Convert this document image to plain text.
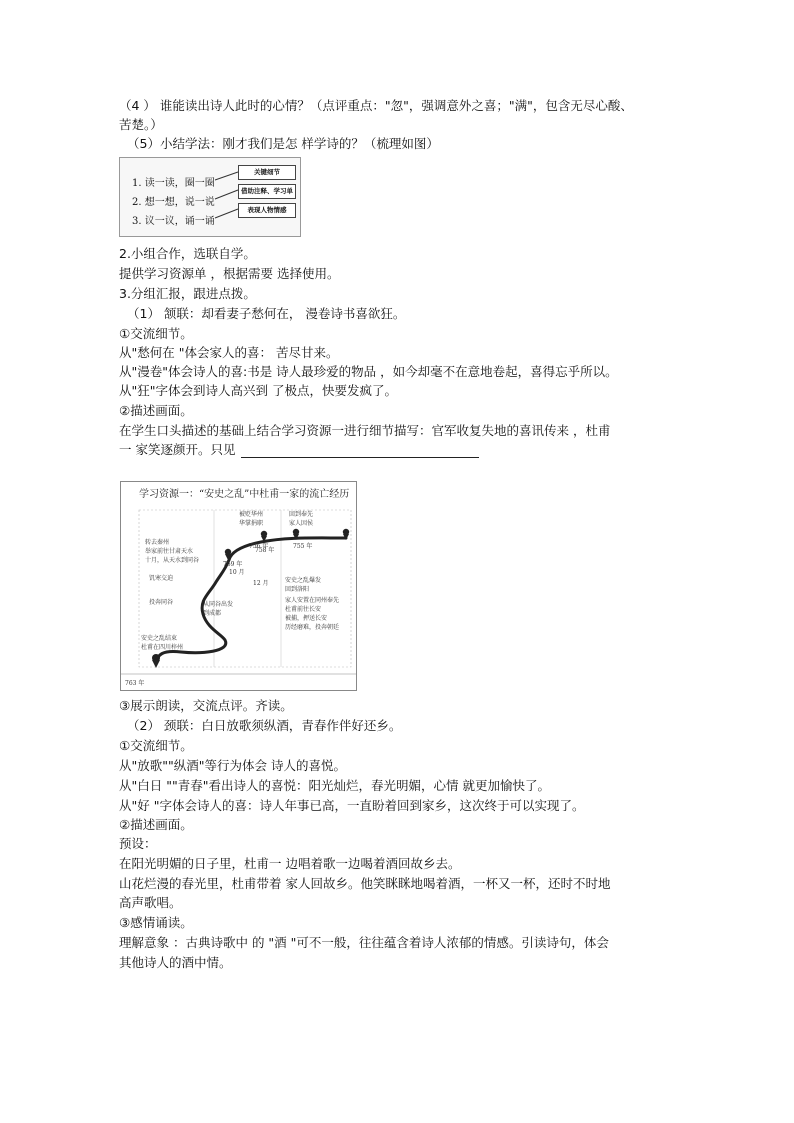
（4 ） 谁能读出诗人此时的心情？（点评重点："忽"，强调意外之喜；"满"，包含无尽心酸、
苦楚。）
（5）小结学法：刚才我们是怎 样学诗的？（梳理如图）
1. 读一读，圈一圈
2. 想一想，说一说
3. 议一议，诵一诵
关键细节
借助注释、学习单
表现人物情感
2.小组合作，选联自学。
提供学习资源单 ，根据需要 选择使用。
3.分组汇报，跟进点拨。
（1） 颔联：却看妻子愁何在， 漫卷诗书喜欲狂。
①交流细节。
从"愁何在 "体会家人的喜： 苦尽甘来。
从"漫卷"体会诗人的喜:书是 诗人最珍爱的物品 ，如今却毫不在意地卷起，喜得忘乎所以。
从"狂"字体会到诗人高兴到 了极点，快要发疯了。
②描述画面。
在学生口头描述的基础上结合学习资源一进行细节描写：官军收复失地的喜讯传来 ，杜甫
一 家笑逐颜开。只见
学习资源一：“安史之乱”中杜甫一家的流亡经历
755 年
756 年
758 年
759 年
10 月
12 月
763 年
被贬华州
华掌捐职
回到奉先
家人因侯
转去秦州
举家前往甘肃天水
十月，从天水到同谷
饥寒交迫
投奔同谷	从同谷出发
到成都
安史之乱爆发
回到洛阳
家人安置在同州奉先
杜甫前往长安
被捕，押送长安
历经磨难，投奔朝廷
安史之乱结束
杜甫在四川梓州
③展示朗读，交流点评。齐读。
（2） 颈联：白日放歌须纵酒，青春作伴好还乡。
①交流细节。
从"放歌""纵酒"等行为体会 诗人的喜悦。
从"白日 ""青春"看出诗人的喜悦：阳光灿烂，春光明媚，心情 就更加愉快了。
从"好 "字体会诗人的喜：诗人年事已高，一直盼着回到家乡，这次终于可以实现了。
②描述画面。
预设：
在阳光明媚的日子里，杜甫一 边唱着歌一边喝着酒回故乡去。
山花烂漫的春光里，杜甫带着 家人回故乡。他笑眯眯地喝着酒，一杯又一杯，还时不时地
高声歌唱。
③感情诵读。
理解意象 ：古典诗歌中 的 "酒 "可不一般，往往蕴含着诗人浓郁的情感。引读诗句，体会
其他诗人的酒中情。
